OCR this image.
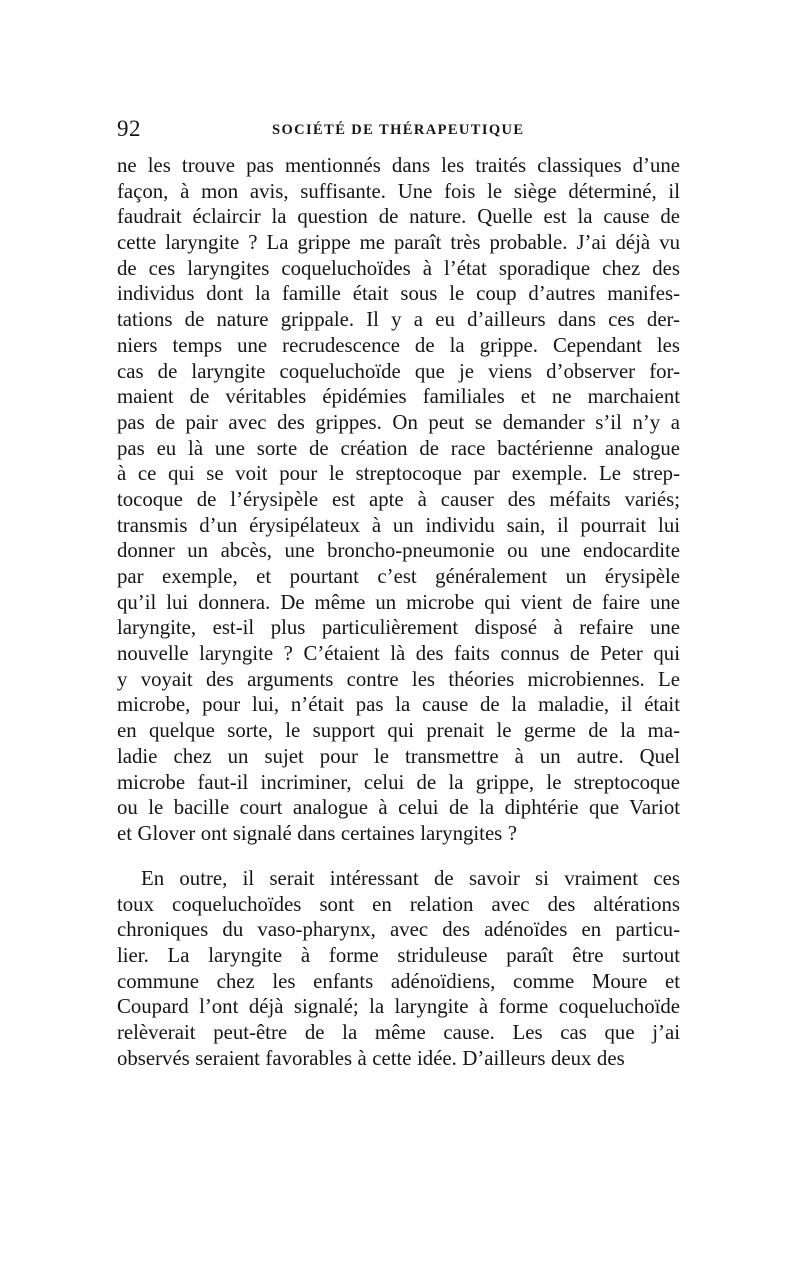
92	SOCIÉTÉ DE THÉRAPEUTIQUE
ne les trouve pas mentionnés dans les traités classiques d’une
façon, à mon avis, suffisante. Une fois le siège déterminé, il
faudrait éclaircir la question de nature. Quelle est la cause de
cette laryngite ? La grippe me paraît très probable. J’ai déjà vu
de ces laryngites coqueluchoïdes à l’état sporadique chez des
individus dont la famille était sous le coup d’autres manifes-
tations de nature grippale. Il y a eu d’ailleurs dans ces der-
niers temps une recrudescence de la grippe. Cependant les
cas de laryngite coqueluchoïde que je viens d’observer for-
maient de véritables épidémies familiales et ne marchaient
pas de pair avec des grippes. On peut se demander s’il n’y a
pas eu là une sorte de création de race bactérienne analogue
à ce qui se voit pour le streptocoque par exemple. Le strep-
tocoque de l’érysipèle est apte à causer des méfaits variés;
transmis d’un érysipélateux à un individu sain, il pourrait lui
donner un abcès, une broncho-pneumonie ou une endocardite
par exemple, et pourtant c’est généralement un érysipèle
qu’il lui donnera. De même un microbe qui vient de faire une
laryngite, est-il plus particulièrement disposé à refaire une
nouvelle laryngite ? C’étaient là des faits connus de Peter qui
y voyait des arguments contre les théories microbiennes. Le
microbe, pour lui, n’était pas la cause de la maladie, il était
en quelque sorte, le support qui prenait le germe de la ma-
ladie chez un sujet pour le transmettre à un autre. Quel
microbe faut-il incriminer, celui de la grippe, le streptocoque
ou le bacille court analogue à celui de la diphtérie que Variot
et Glover ont signalé dans certaines laryngites ?
En outre, il serait intéressant de savoir si vraiment ces
toux coqueluchoïdes sont en relation avec des altérations
chroniques du vaso-pharynx, avec des adénoïdes en particu-
lier. La laryngite à forme striduleuse paraît être surtout
commune chez les enfants adénoïdiens, comme Moure et
Coupard l’ont déjà signalé; la laryngite à forme coqueluchoïde
relèverait peut-être de la même cause. Les cas que j’ai
observés seraient favorables à cette idée. D’ailleurs deux des
